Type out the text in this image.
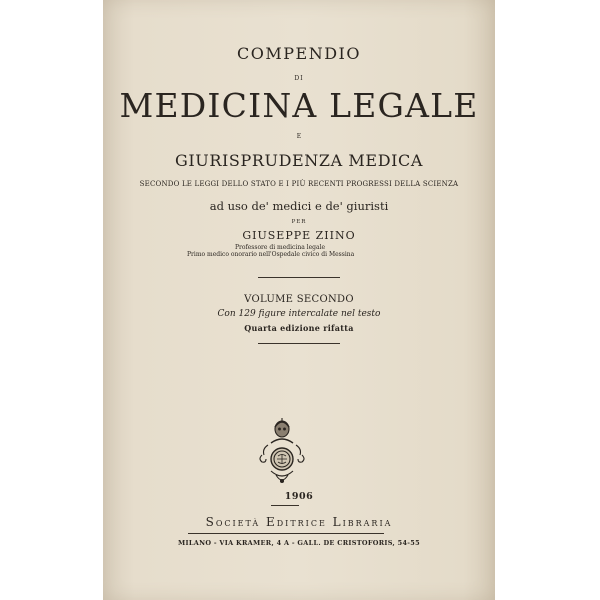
COMPENDIO
DI
MEDICINA LEGALE
E
GIURISPRUDENZA MEDICA
SECONDO LE LEGGI DELLO STATO E I PIÙ RECENTI PROGRESSI DELLA SCIENZA
ad uso de' medici e de' giuristi
PER
GIUSEPPE ZIINO
Professore di medicina legale
Primo medico onorario nell'Ospedale civico di Messina
VOLUME SECONDO
Con 129 figure intercalate nel testo
Quarta edizione rifatta
1906
Società Editrice Libraria
MILANO - VIA KRAMER, 4 A - GALL. DE CRISTOFORIS, 54-55
